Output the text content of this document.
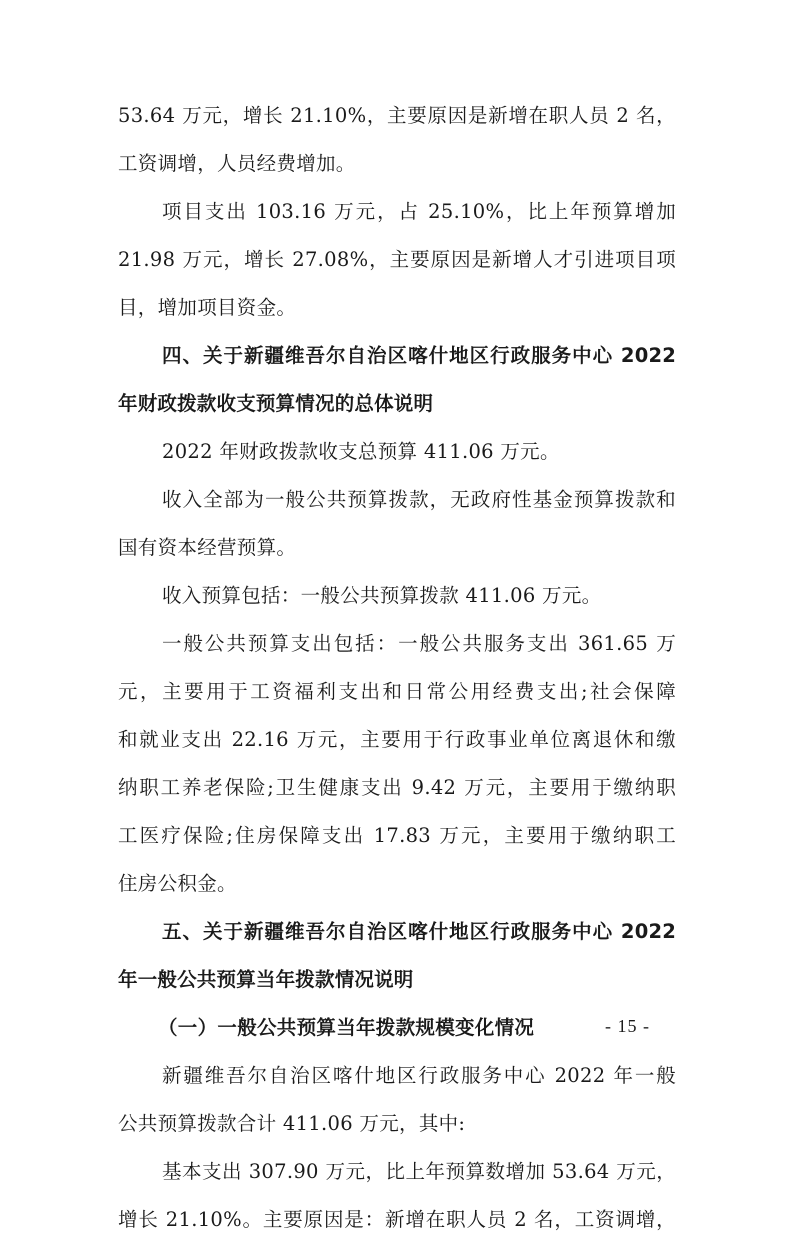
53.64 万元，增长 21.10%，主要原因是新增在职人员 2 名，
工资调增，人员经费增加。
项目支出 103.16 万元，占 25.10%，比上年预算增加
21.98 万元，增长 27.08%，主要原因是新增人才引进项目项
目，增加项目资金。
四、关于新疆维吾尔自治区喀什地区行政服务中心 2022
年财政拨款收支预算情况的总体说明
2022 年财政拨款收支总预算 411.06 万元。
收入全部为一般公共预算拨款，无政府性基金预算拨款和
国有资本经营预算。
收入预算包括：一般公共预算拨款 411.06 万元。
一般公共预算支出包括：一般公共服务支出 361.65 万
元，主要用于工资福利支出和日常公用经费支出;社会保障
和就业支出 22.16 万元，主要用于行政事业单位离退休和缴
纳职工养老保险;卫生健康支出 9.42 万元，主要用于缴纳职
工医疗保险;住房保障支出 17.83 万元，主要用于缴纳职工
住房公积金。
五、关于新疆维吾尔自治区喀什地区行政服务中心 2022
年一般公共预算当年拨款情况说明
（一）一般公共预算当年拨款规模变化情况
新疆维吾尔自治区喀什地区行政服务中心 2022 年一般
公共预算拨款合计 411.06 万元，其中:
基本支出 307.90 万元，比上年预算数增加 53.64 万元，
增长 21.10%。主要原因是：新增在职人员 2 名，工资调增，
- 15 -
